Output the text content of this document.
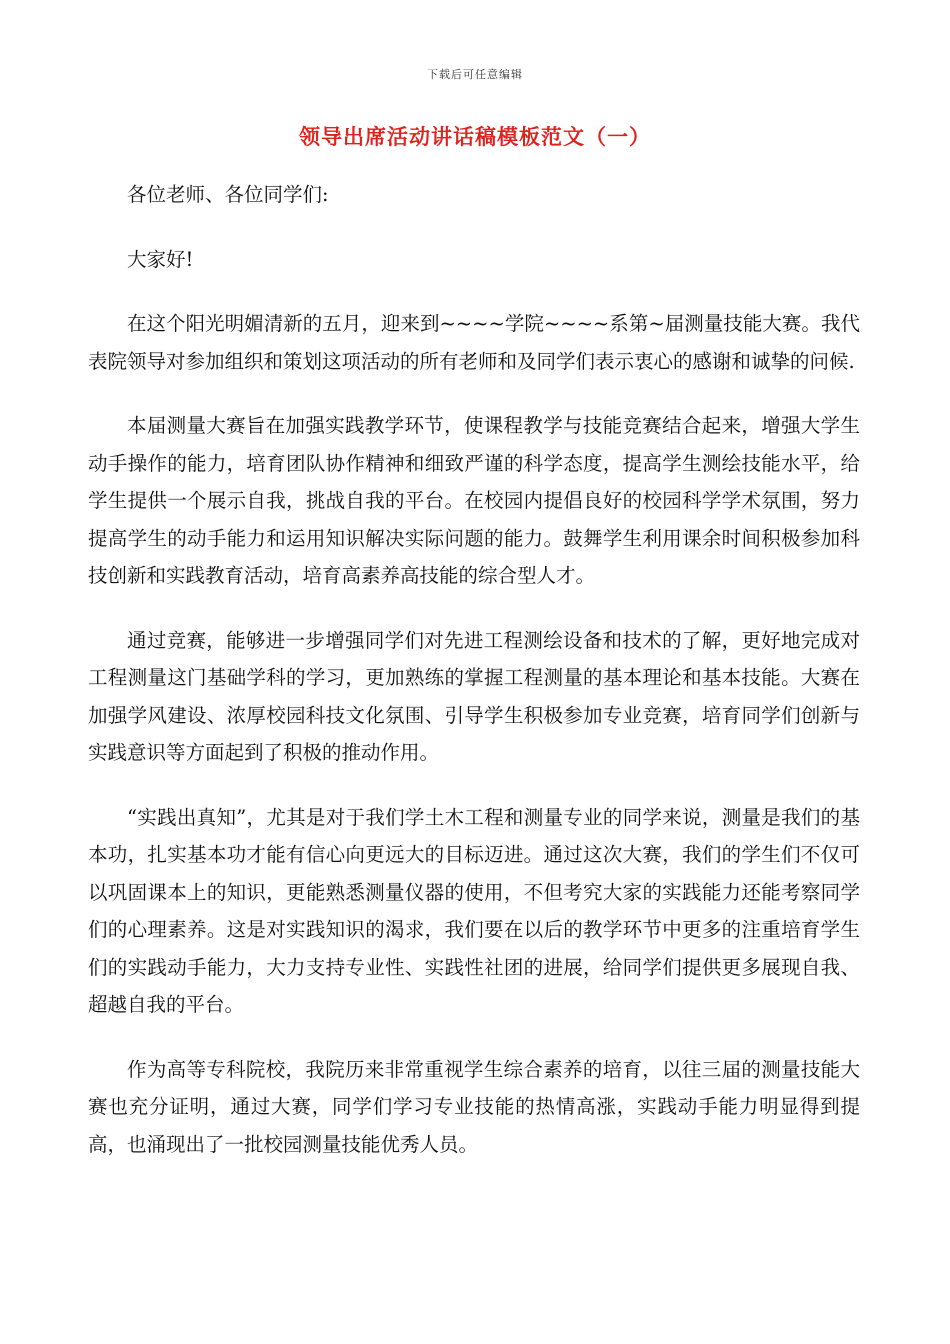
下载后可任意编辑
领导出席活动讲话稿模板范文（一）

各位老师、各位同学们:

大家好!

在这个阳光明媚清新的五月，迎来到~~~~学院~~~~系第~届测量技能大赛。我代表院领导对参加组织和策划这项活动的所有老师和及同学们表示衷心的感谢和诚挚的问候.

本届测量大赛旨在加强实践教学环节，使课程教学与技能竞赛结合起来，增强大学生动手操作的能力，培育团队协作精神和细致严谨的科学态度，提高学生测绘技能水平，给学生提供一个展示自我，挑战自我的平台。在校园内提倡良好的校园科学学术氛围，努力提高学生的动手能力和运用知识解决实际问题的能力。鼓舞学生利用课余时间积极参加科技创新和实践教育活动，培育高素养高技能的综合型人才。

通过竞赛，能够进一步增强同学们对先进工程测绘设备和技术的了解，更好地完成对工程测量这门基础学科的学习，更加熟练的掌握工程测量的基本理论和基本技能。大赛在加强学风建设、浓厚校园科技文化氛围、引导学生积极参加专业竞赛，培育同学们创新与实践意识等方面起到了积极的推动作用。

“实践出真知”，尤其是对于我们学土木工程和测量专业的同学来说，测量是我们的基本功，扎实基本功才能有信心向更远大的目标迈进。通过这次大赛，我们的学生们不仅可以巩固课本上的知识，更能熟悉测量仪器的使用，不但考究大家的实践能力还能考察同学们的心理素养。这是对实践知识的渴求，我们要在以后的教学环节中更多的注重培育学生们的实践动手能力，大力支持专业性、实践性社团的进展，给同学们提供更多展现自我、超越自我的平台。

作为高等专科院校，我院历来非常重视学生综合素养的培育，以往三届的测量技能大赛也充分证明，通过大赛，同学们学习专业技能的热情高涨，实践动手能力明显得到提高，也涌现出了一批校园测量技能优秀人员。
